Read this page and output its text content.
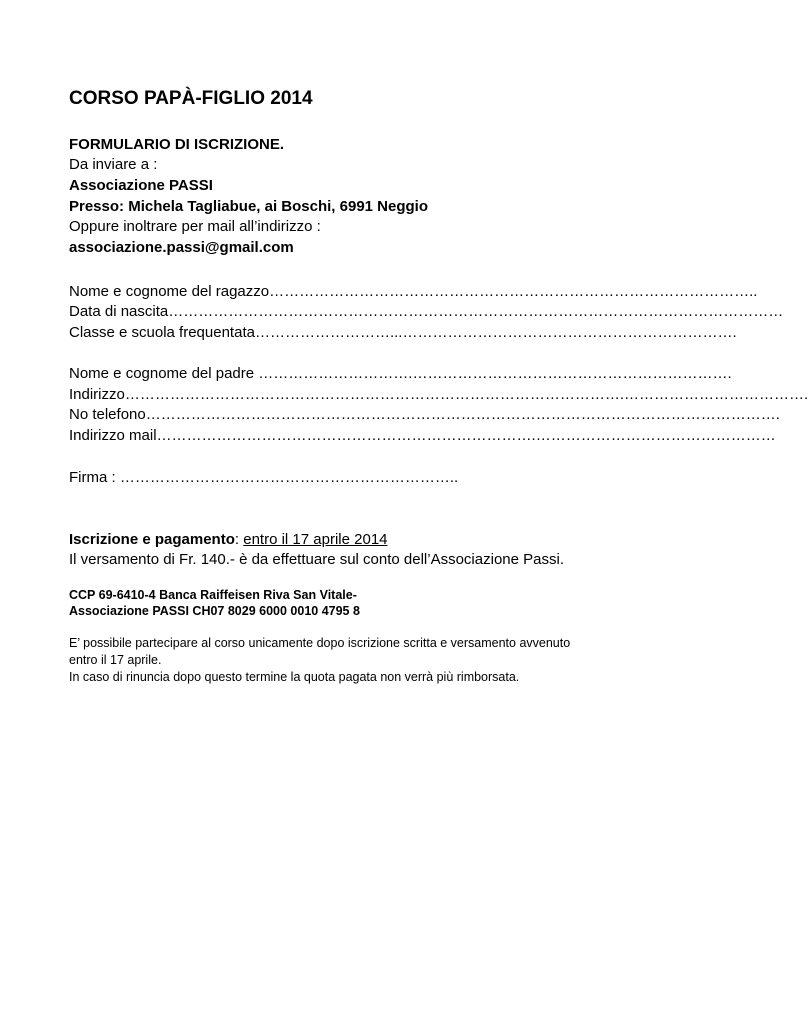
CORSO PAPÀ-FIGLIO 2014
FORMULARIO DI ISCRIZIONE.
Da inviare a :
Associazione PASSI
Presso: Michela Tagliabue, ai Boschi, 6991 Neggio
Oppure inoltrare per mail all’indirizzo :
associazione.passi@gmail.com
Nome e cognome del ragazzo……………………………………………………………………………………..
Data di nascita……………………………………………………………………………………………………………
Classe e scuola frequentata………………………...………………………………………………………….
Nome e cognome del padre ………………………….……………………………………………………….
Indirizzo……………………………………………………………………………………….……………………………….
No telefono……………………………………………………………………………………………………………….
Indirizzo mail………………………………………………………………….…………………………………………
Firma : …………………………………………………………..
Iscrizione e pagamento: entro il 17 aprile 2014
Il versamento di Fr. 140.- è da effettuare sul conto dell’Associazione Passi.
CCP 69-6410-4 Banca Raiffeisen Riva San Vitale-
Associazione PASSI CH07 8029 6000 0010 4795 8
E’ possibile partecipare al corso unicamente dopo iscrizione scritta e versamento avvenuto
entro il 17 aprile.
In caso di rinuncia dopo questo termine la quota pagata non verrà più rimborsata.
